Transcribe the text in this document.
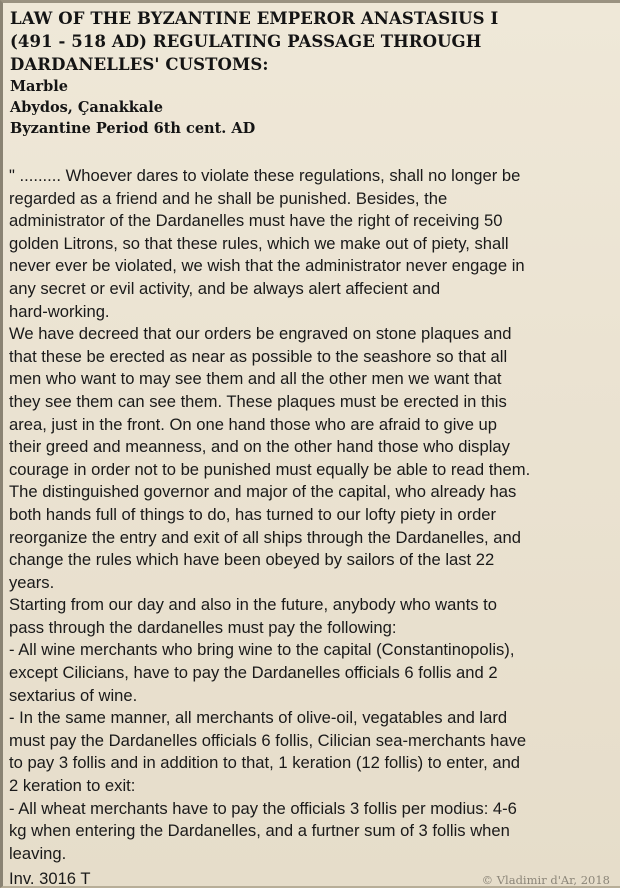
LAW OF THE BYZANTINE EMPEROR ANASTASIUS I
(491 - 518 AD) REGULATING PASSAGE THROUGH
DARDANELLES' CUSTOMS:
Marble
Abydos, Çanakkale
Byzantine Period 6th cent. AD
" ......... Whoever dares to violate these regulations, shall no longer be
regarded as a friend and he shall be punished. Besides, the
administrator of the Dardanelles must have the right of receiving 50
golden Litrons, so that these rules, which we make out of piety, shall
never ever be violated, we wish that the administrator never engage in
any secret or evil activity, and be always alert affecient and
hard-working.
We have decreed that our orders be engraved on stone plaques and
that these be erected as near as possible to the seashore so that all
men who want to may see them and all the other men we want that
they see them can see them. These plaques must be erected in this
area, just in the front. On one hand those who are afraid to give up
their greed and meanness, and on the other hand those who display
courage in order not to be punished must equally be able to read them.
The distinguished governor and major of the capital, who already has
both hands full of things to do, has turned to our lofty piety in order
reorganize the entry and exit of all ships through the Dardanelles, and
change the rules which have been obeyed by sailors of the last 22
years.
Starting from our day and also in the future, anybody who wants to
pass through the dardanelles must pay the following:
- All wine merchants who bring wine to the capital (Constantinopolis),
except Cilicians, have to pay the Dardanelles officials 6 follis and 2
sextarius of wine.
- In the same manner, all merchants of olive-oil, vegatables and lard
must pay the Dardanelles officials 6 follis, Cilician sea-merchants have
to pay 3 follis and in addition to that, 1 keration (12 follis) to enter, and
2 keration to exit:
- All wheat merchants have to pay the officials 3 follis per modius: 4-6
kg when entering the Dardanelles, and a furtner sum of 3 follis when
leaving.
Inv. 3016 T	© Vladimir d'Ar, 2018
